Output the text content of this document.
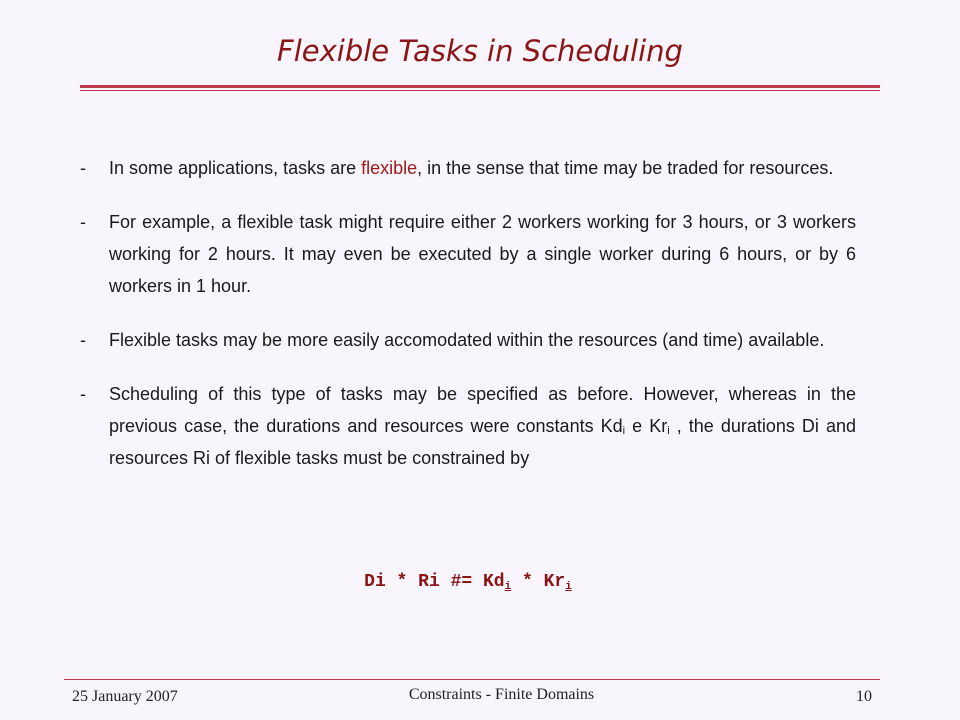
Flexible Tasks in Scheduling
- In some applications, tasks are flexible, in the sense that time may be traded for resources.
- For example, a flexible task might require either 2 workers working for 3 hours, or 3 workers working for 2 hours. It may even be executed by a single worker during 6 hours, or by 6 workers in 1 hour.
- Flexible tasks may be more easily accomodated within the resources (and time) available.
- Scheduling of this type of tasks may be specified as before. However, whereas in the previous case, the durations and resources were constants $Kd_i$ e $Kr_i$ , the durations Di and resources Ri of flexible tasks must be constrained by
Di * Ri #= $Kd_i * Kr_i$
25 January 2007	Constraints - Finite Domains	10
